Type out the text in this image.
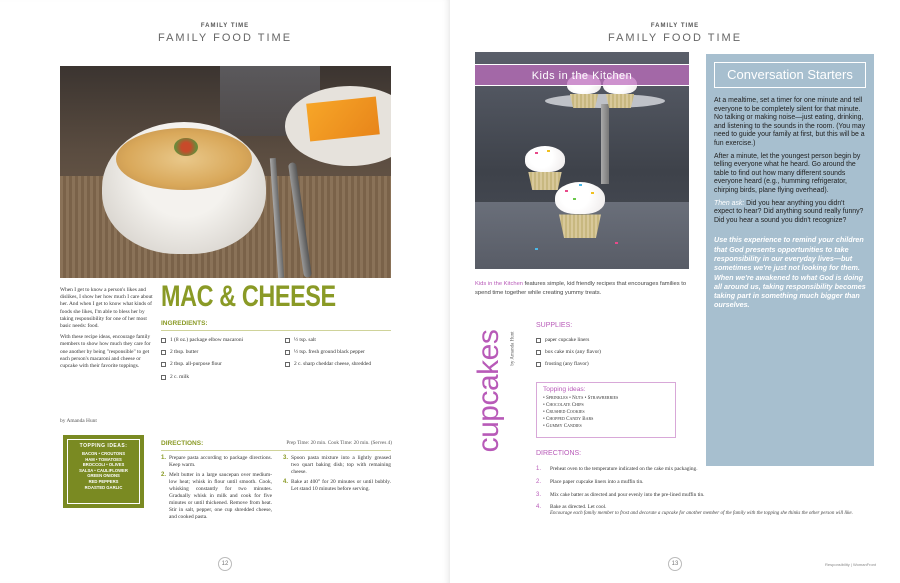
FAMILY TIME
FAMILY FOOD TIME

When I get to know a person's likes and dislikes, I show her how much I care about her. And when I get to know what kinds of foods she likes, I'm able to bless her by taking responsibility for one of her most basic needs: food.

With these recipe ideas, encourage family members to show how much they care for one another by being "responsible" to get each person's macaroni and cheese or cupcake with their favorite toppings.

by Amanda Hunt
TOPPING IDEAS:
BACON • CROUTONS
HAM • TOMATOES
BROCCOLI • OLIVES
SALSA • CAULIFLOWER
GREEN ONIONS
RED PEPPERS
ROASTED GARLIC
MAC & CHEESE
INGREDIENTS:
1 (8 oz.) package elbow macaroni	½ tsp. salt
2 tbsp. butter	½ tsp. fresh ground black pepper
2 tbsp. all-purpose flour	2 c. sharp cheddar cheese, shredded
2 c. milk
DIRECTIONS:	Prep Time: 20 min. Cook Time: 20 min. (Serves 4)
1. Prepare pasta according to package directions. Keep warm.
2. Melt butter in a large saucepan over medium-low heat; whisk in flour until smooth. Cook, whisking constantly for two minutes. Gradually whisk in milk and cook for five minutes or until thickened. Remove from heat. Stir in salt, pepper, one cup shredded cheese, and cooked pasta.
3. Spoon pasta mixture into a lightly greased two quart baking dish; top with remaining cheese.
4. Bake at 400° for 20 minutes or until bubbly. Let stand 10 minutes before serving.
12
FAMILY TIME
FAMILY FOOD TIME
Kids in the Kitchen
Kids in the Kitchen features simple, kid friendly recipes that encourages families to spend time together while creating yummy treats.
Conversation Starters

At a mealtime, set a timer for one minute and tell everyone to be completely silent for that minute. No talking or making noise—just eating, drinking, and listening to the sounds in the room. (You may need to guide your family at first, but this will be a fun exercise.)

After a minute, let the youngest person begin by telling everyone what he heard. Go around the table to find out how many different sounds everyone heard (e.g., humming refrigerator, chirping birds, plane flying overhead).

Then ask: Did you hear anything you didn't expect to hear? Did anything sound really funny? Did you hear a sound you didn't recognize?

Use this experience to remind your children that God presents opportunities to take responsibility in our everyday lives—but sometimes we're just not looking for them. When we're awakened to what God is doing all around us, taking responsibility becomes taking part in something much bigger than ourselves.
cupcakes by Amanda Hunt
SUPPLIES:
paper cupcake liners
box cake mix (any flavor)
frosting (any flavor)
Topping ideas:
• Sprinkles • Nuts • Strawberries
• Chocolate Chips
• Crushed Cookies
• Chopped Candy Bars
• Gummy Candies
DIRECTIONS:
1. Preheat oven to the temperature indicated on the cake mix packaging.
2. Place paper cupcake liners into a muffin tin.
3. Mix cake batter as directed and pour evenly into the pre-lined muffin tin.
4. Bake as directed. Let cool.
Encourage each family member to frost and decorate a cupcake for another member of the family with the topping she thinks the other person will like.
13	Responsibility | WomanFront
